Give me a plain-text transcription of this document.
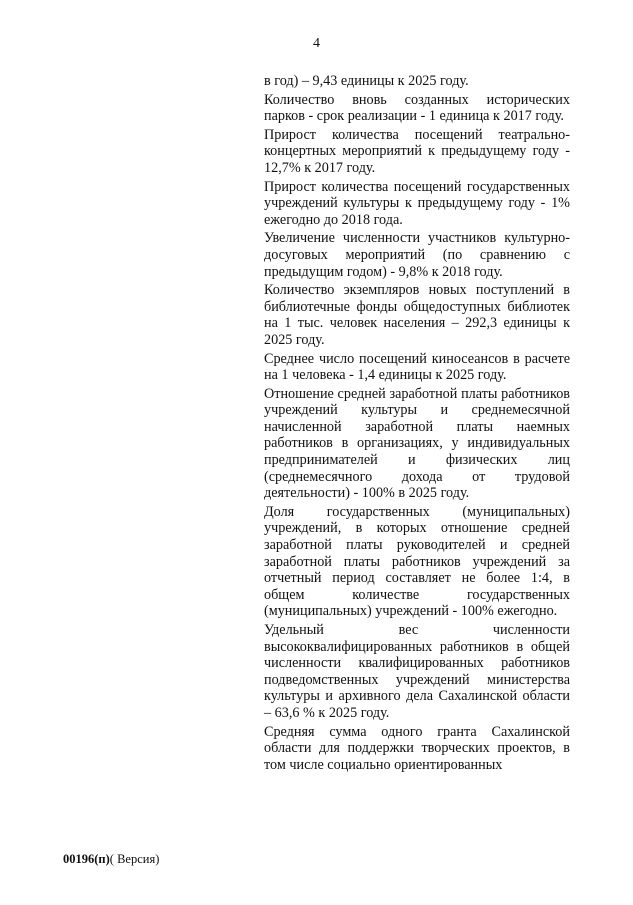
4

в год) – 9,43 единицы к 2025 году.

Количество вновь созданных исторических парков - срок реализации - 1 единица к 2017 году.

Прирост количества посещений театрально-концертных мероприятий к предыдущему году - 12,7% к 2017 году.

Прирост количества посещений государственных учреждений культуры к предыдущему году - 1% ежегодно до 2018 года.

Увеличение численности участников культурно-досуговых мероприятий (по сравнению с предыдущим годом) - 9,8% к 2018 году.

Количество экземпляров новых поступлений в библиотечные фонды общедоступных библиотек на 1 тыс. человек населения – 292,3 единицы к 2025 году.

Среднее число посещений киносеансов в расчете на 1 человека - 1,4 единицы к 2025 году.

Отношение средней заработной платы работников учреждений культуры и среднемесячной начисленной заработной платы наемных работников в организациях, у индивидуальных предпринимателей и физических лиц (среднемесячного дохода от трудовой деятельности) - 100% в 2025 году.

Доля государственных (муниципальных) учреждений, в которых отношение средней заработной платы руководителей и средней заработной платы работников учреждений за отчетный период составляет не более 1:4, в общем количестве государственных (муниципальных) учреждений - 100% ежегодно.

Удельный вес численности высококвалифицированных работников в общей численности квалифицированных работников подведомственных учреждений министерства культуры и архивного дела Сахалинской области – 63,6 % к 2025 году.

Средняя сумма одного гранта Сахалинской области для поддержки творческих проектов, в том числе социально ориентированных

00196(п)( Версия)
